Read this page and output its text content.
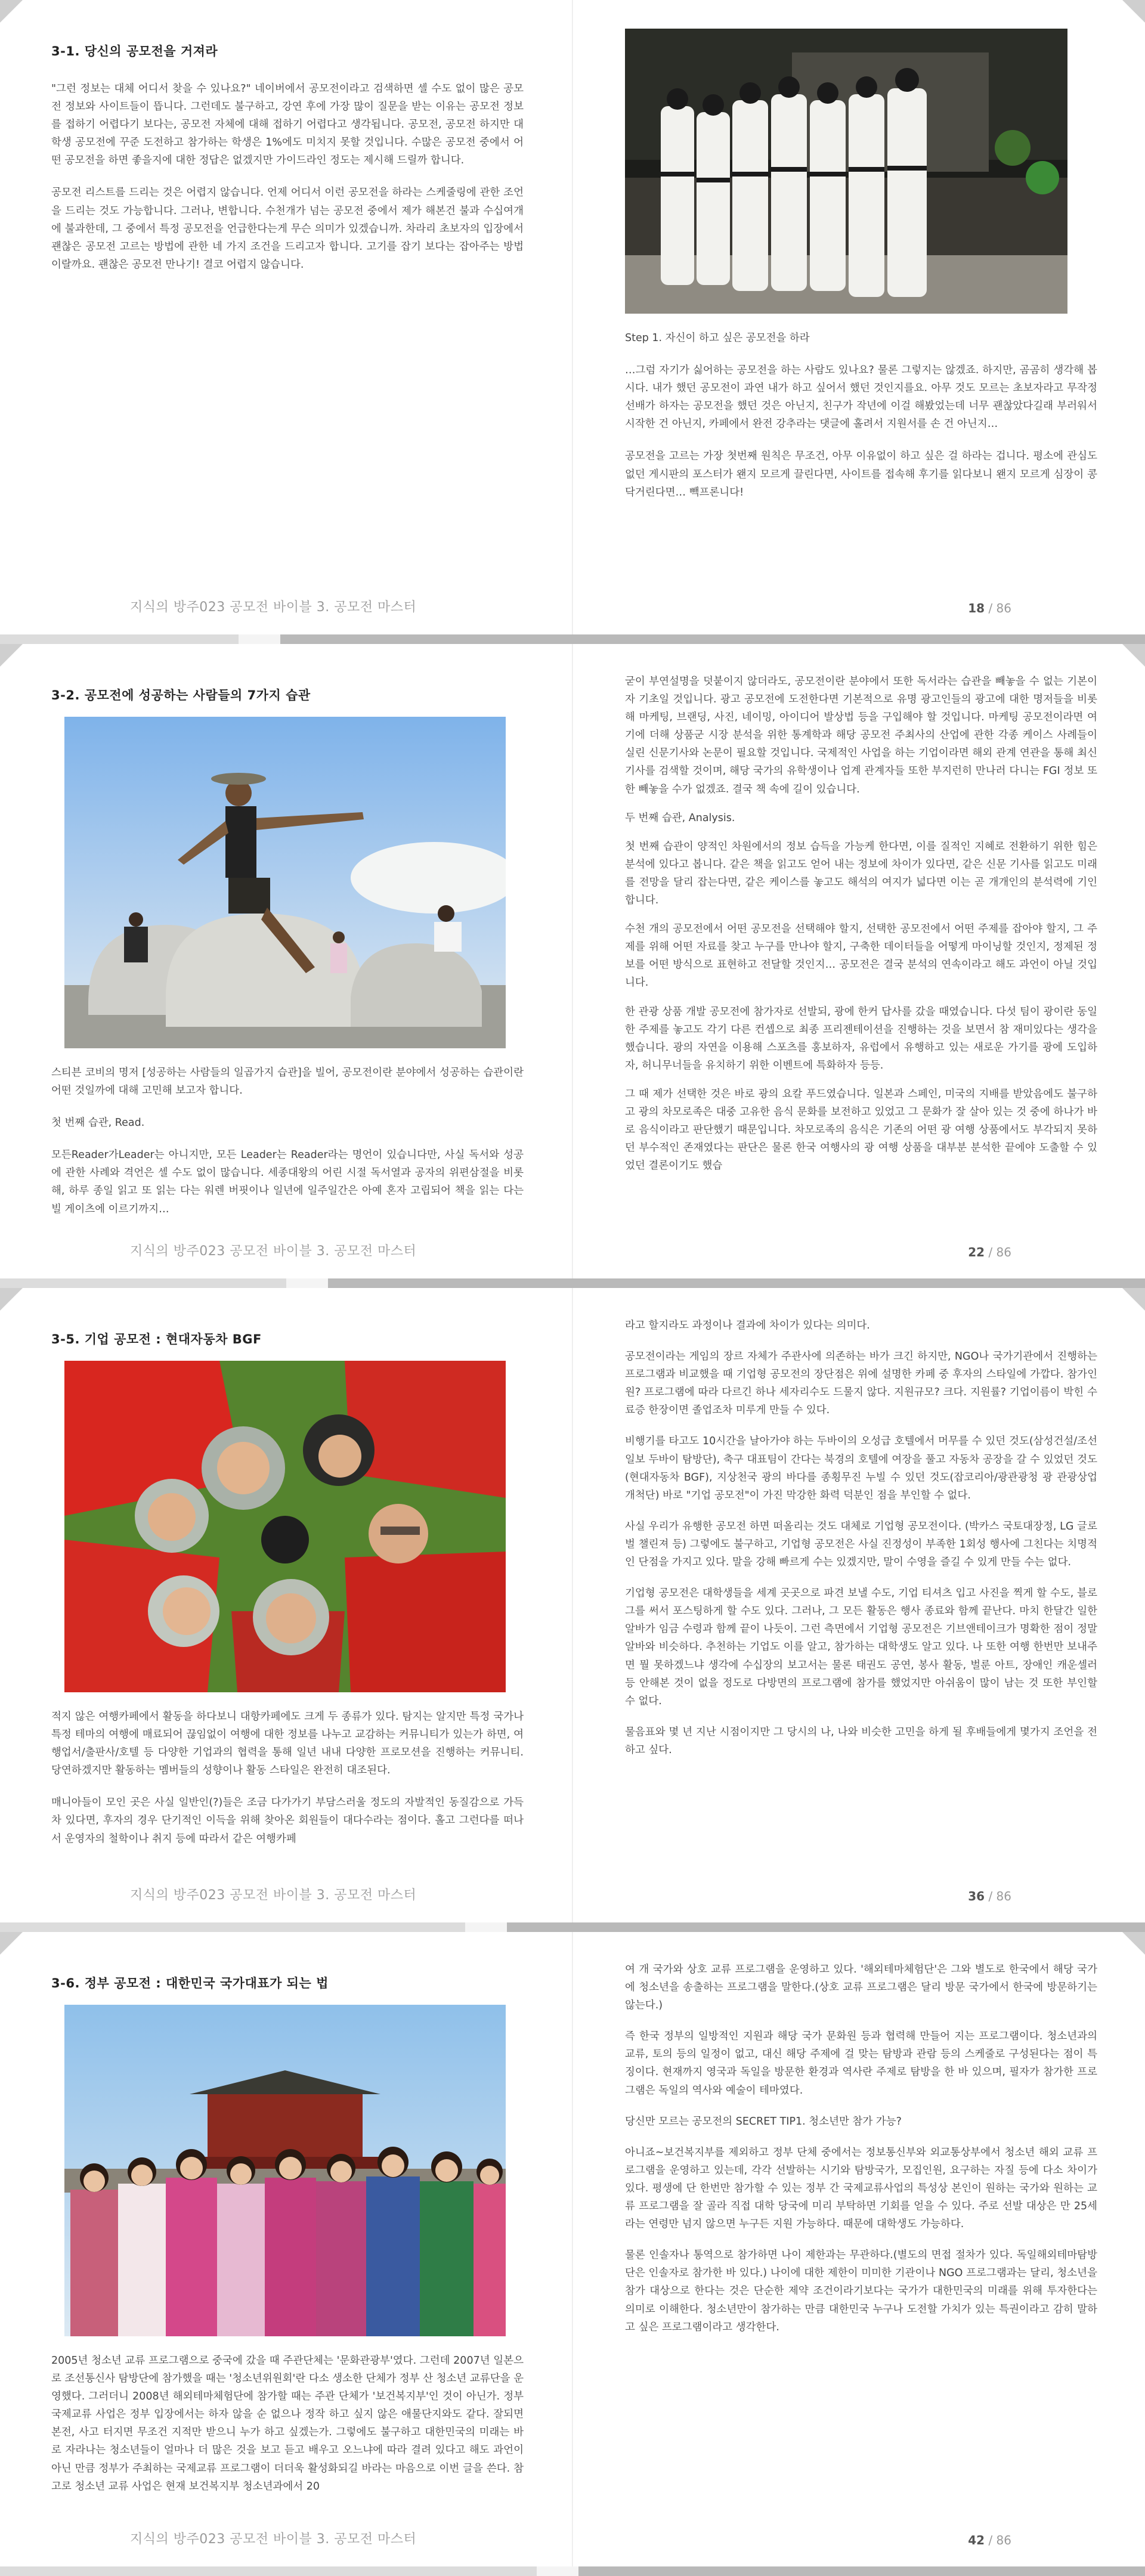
3-1. 당신의 공모전을 거져라

"그런 정보는 대체 어디서 찾을 수 있나요?" 네이버에서 공모전이라고 검색하면 셀 수도 없이 많은 공모전 정보와 사이트들이 뜹니다. 그런데도 불구하고, 강연 후에 가장 많이 질문을 받는 이유는 공모전 정보를 접하기 어렵다기 보다는, 공모전 자체에 대해 접하기 어렵다고 생각됩니다. 공모전, 공모전 하지만 대학생 공모전에 꾸준 도전하고 참가하는 학생은 1%에도 미치지 못할 것입니다. 수많은 공모전 중에서 어떤 공모전을 하면 좋을지에 대한 정답은 없겠지만 가이드라인 정도는 제시해 드릴까 합니다.

공모전 리스트를 드리는 것은 어렵지 않습니다. 언제 어디서 이런 공모전을 하라는 스케줄링에 관한 조언을 드리는 것도 가능합니다. 그러나, 변합니다. 수천개가 넘는 공모전 중에서 제가 해본건 불과 수십여개에 불과한데, 그 중에서 특정 공모전을 언급한다는게 무슨 의미가 있겠습니까. 차라리 초보자의 입장에서 괜찮은 공모전 고르는 방법에 관한 네 가지 조건을 드리고자 합니다. 고기를 잡기 보다는 잡아주는 방법이랄까요. 괜찮은 공모전 만나기! 결코 어렵지 않습니다.

지식의 방주023 공모전 바이블 3. 공모전 마스터

Step 1. 자신이 하고 싶은 공모전을 하라

…그럼 자기가 싫어하는 공모전을 하는 사람도 있나요? 물론 그렇지는 않겠죠. 하지만, 곰곰히 생각해 봅시다. 내가 했던 공모전이 과연 내가 하고 싶어서 했던 것인지를요. 아무 것도 모르는 초보자라고 무작정 선배가 하자는 공모전을 했던 것은 아닌지, 친구가 작년에 이걸 해봤었는데 너무 괜찮았다길래 부러워서 시작한 건 아닌지, 카페에서 완전 강추라는 댓글에 홀려서 지원서를 손 건 아닌지…

공모전을 고르는 가장 첫번째 원칙은 무조건, 아무 이유없이 하고 싶은 걸 하라는 겁니다. 평소에 관심도 없던 게시판의 포스터가 왠지 모르게 끌린다면, 사이트를 접속해 후기를 읽다보니 왠지 모르게 심장이 콩닥거린다면… 빽프론니다!

18 / 86
3-2. 공모전에 성공하는 사람들의 7가지 습관

스티븐 코비의 명저 [성공하는 사람들의 일곱가지 습관]을 빌어, 공모전이란 분야에서 성공하는 습관이란 어떤 것일까에 대해 고민해 보고자 합니다.

첫 번째 습관, Read.

모든Reader가Leader는 아니지만, 모든 Leader는 Reader라는 명언이 있습니다만, 사실 독서와 성공에 관한 사례와 격언은 셀 수도 없이 많습니다. 세종대왕의 어린 시절 독서열과 공자의 위편삼절을 비롯해, 하루 종일 읽고 또 읽는 다는 워렌 버핏이나 일년에 일주일간은 아예 혼자 고립되어 책을 읽는 다는 빌 게이츠에 이르기까지…

지식의 방주023 공모전 바이블 3. 공모전 마스터

굳이 부연설명을 덧붙이지 않더라도, 공모전이란 분야에서 또한 독서라는 습관을 빼놓을 수 없는 기본이자 기초일 것입니다. 광고 공모전에 도전한다면 기본적으로 유명 광고인들의 광고에 대한 명저들을 비롯해 마케팅, 브랜딩, 사진, 네이밍, 아이디어 발상법 등을 구입해야 할 것입니다. 마케팅 공모전이라면 여기에 더해 상품군 시장 분석을 위한 통계학과 해당 공모전 주최사의 산업에 관한 각종 케이스 사례들이 실린 신문기사와 논문이 필요할 것입니다. 국제적인 사업을 하는 기업이라면 해외 관계 연관을 통해 최신 기사를 검색할 것이며, 해당 국가의 유학생이나 업계 관계자들 또한 부지런히 만나러 다니는 FGI 정보 또한 빼놓을 수가 없겠죠. 결국 책 속에 길이 있습니다.

두 번째 습관, Analysis.

첫 번째 습관이 양적인 차원에서의 정보 습득을 가능케 한다면, 이를 질적인 지혜로 전환하기 위한 힘은 분석에 있다고 봅니다. 같은 책을 읽고도 얻어 내는 정보에 차이가 있다면, 같은 신문 기사를 읽고도 미래를 전망을 달리 잡는다면, 같은 케이스를 놓고도 해석의 여지가 넓다면 이는 곧 개개인의 분석력에 기인합니다.

수천 개의 공모전에서 어떤 공모전을 선택해야 할지, 선택한 공모전에서 어떤 주제를 잡아야 할지, 그 주제를 위해 어떤 자료를 찾고 누구를 만나야 할지, 구축한 데이터들을 어떻게 마이닝할 것인지, 정제된 정보를 어떤 방식으로 표현하고 전달할 것인지… 공모전은 결국 분석의 연속이라고 해도 과언이 아닐 것입니다.

한 관광 상품 개발 공모전에 참가자로 선발되, 광에 한커 답사를 갔을 때였습니다. 다섯 팀이 광이란 동일한 주제를 놓고도 각기 다른 컨셉으로 최종 프리젠테이션을 진행하는 것을 보면서 참 재미있다는 생각을 했습니다. 광의 자연을 이용해 스포츠를 홍보하자, 유럽에서 유행하고 있는 새로운 가기를 광에 도입하자, 허니무너들을 유치하기 위한 이벤트에 특화하자 등등.

그 때 제가 선택한 것은 바로 광의 요칼 푸드였습니다. 일본과 스페인, 미국의 지배를 받았음에도 불구하고 광의 차모로족은 대중 고유한 음식 문화를 보전하고 있었고 그 문화가 잘 살아 있는 것 중에 하나가 바로 음식이라고 판단했기 때문입니다. 차모로족의 음식은 기존의 어떤 광 여행 상품에서도 부각되지 못하던 부수적인 존재였다는 판단은 물론 한국 여행사의 광 여행 상품을 대부분 분석한 끝에야 도출할 수 있었던 결론이기도 했습

22 / 86
3-5. 기업 공모전 : 현대자동차 BGF

적지 않은 여행카페에서 활동을 하다보니 대항카페에도 크게 두 종류가 있다. 탐지는 알지만 특정 국가나 특정 테마의 여행에 매료되어 끊임없이 여행에 대한 정보를 나누고 교감하는 커뮤니티가 있는가 하면, 여행업서/출판사/호텔 등 다양한 기업과의 협력을 통해 일년 내내 다양한 프로모션을 진행하는 커뮤니티. 당연하겠지만 활동하는 멤버들의 성향이나 활동 스타일은 완전히 대조된다.

매니아들이 모인 곳은 사실 일반인(?)들은 조금 다가가기 부담스러울 정도의 자발적인 동질감으로 가득차 있다면, 후자의 경우 단기적인 이득을 위해 찾아온 회원들이 대다수라는 점이다. 홀고 그런다를 떠나서 운영자의 철학이나 취지 등에 따라서 같은 여행카페

지식의 방주023 공모전 바이블 3. 공모전 마스터

라고 할지라도 과정이나 결과에 차이가 있다는 의미다.

공모전이라는 게임의 장르 자체가 주관사에 의존하는 바가 크긴 하지만, NGO나 국가기관에서 진행하는 프로그램과 비교했을 때 기업형 공모전의 장단점은 위에 설명한 카페 중 후자의 스타일에 가깝다. 참가인원? 프로그램에 따라 다르긴 하나 세자리수도 드물지 않다. 지원규모? 크다. 지원률? 기업이름이 박힌 수료증 한장이면 졸업조차 미루게 만들 수 있다.

비행기를 타고도 10시간을 날아가야 하는 두바이의 오성급 호텔에서 머무를 수 있던 것도(삼성건설/조선일보 두바이 탐방단), 축구 대표팀이 간다는 북경의 호텔에 여장을 풀고 자동차 공장을 갈 수 있었던 것도(현대자동차 BGF), 지상천국 광의 바다를 종횡무진 누빌 수 있던 것도(잡코리아/광관광청 광 관광상업 개척단) 바로 "기업 공모전"이 가진 막강한 화력 덕분인 점을 부인할 수 없다.

사실 우리가 유행한 공모전 하면 떠올리는 것도 대체로 기업형 공모전이다. (박카스 국토대장정, LG 글로벌 챌린져 등) 그렇에도 불구하고, 기업형 공모전은 사실 진정성이 부족한 1회성 행사에 그친다는 치명적인 단점을 가지고 있다. 말을 강해 빠르게 수는 있겠지만, 말이 수영을 즐길 수 있게 만들 수는 없다.

기업형 공모전은 대학생들을 세계 곳곳으로 파견 보낼 수도, 기업 티셔츠 입고 사진을 찍게 할 수도, 블로그를 써서 포스팅하게 할 수도 있다. 그러나, 그 모든 활동은 행사 종료와 함께 끝난다. 마치 한달간 일한 알바가 임금 수령과 함께 끝이 나듯이. 그런 측면에서 기업형 공모전은 기브앤테이크가 명확한 점이 정말 알바와 비슷하다. 추천하는 기업도 이를 알고, 참가하는 대학생도 알고 있다. 나 또한 여행 한번만 보내주면 뭘 못하겠느냐 생각에 수십장의 보고서는 물론 태권도 공연, 봉사 활동, 벌룬 아트, 장애인 캐운셀러 등 안해본 것이 없을 정도로 다방면의 프로그램에 참가를 했었지만 아쉬움이 많이 남는 것 또한 부인할 수 없다.

물음표와 몇 년 지난 시점이지만 그 당시의 나, 나와 비슷한 고민을 하게 될 후배들에게 몇가지 조언을 전하고 싶다.

36 / 86
3-6. 정부 공모전 : 대한민국 국가대표가 되는 법

2005년 청소년 교류 프로그램으로 중국에 갔을 때 주관단체는 '문화관광부'였다. 그런데 2007년 일본으로 조선통신사 탐방단에 참가했을 때는 '청소년위원회'란 다소 생소한 단체가 정부 산 청소년 교류단을 운영했다. 그러더니 2008년 해외테마체험단에 참가할 때는 주관 단체가 '보건복지부'인 것이 아닌가. 정부 국제교류 사업은 정부 입장에서는 하자 않을 순 없으나 정작 하고 싶지 않은 애물단지와도 같다. 잘되면 본전, 사고 터지면 무조건 지적만 받으니 누가 하고 싶겠는가. 그렇에도 불구하고 대한민국의 미래는 바로 자라나는 청소년들이 얼마나 더 많은 것을 보고 듣고 배우고 오느냐에 따라 결려 있다고 해도 과언이 아닌 만큼 정부가 주최하는 국제교류 프로그램이 더더욱 활성화되길 바라는 마음으로 이번 글을 쓴다. 참고로 청소년 교류 사업은 현재 보건복지부 청소년과에서 20

지식의 방주023 공모전 바이블 3. 공모전 마스터

여 개 국가와 상호 교류 프로그램을 운영하고 있다. '해외테마체험단'은 그와 별도로 한국에서 해당 국가에 청소년을 송출하는 프로그램을 말한다.(상호 교류 프로그램은 달리 방문 국가에서 한국에 방문하기는 않는다.)

즉 한국 정부의 일방적인 지원과 해당 국가 문화원 등과 협력해 만들어 지는 프로그램이다. 청소년과의 교류, 토의 등의 일정이 없고, 대신 해당 주제에 걸 맞는 탐방과 관람 등의 스케줄로 구성된다는 점이 특징이다. 현재까지 영국과 독일을 방문한 환경과 역사란 주제로 탐방을 한 바 있으며, 필자가 참가한 프로그램은 독일의 역사와 예술이 테마였다.

당신만 모르는 공모전의 SECRET TIP1. 청소년만 참가 가능?

아니죠~보건복지부를 제외하고 정부 단체 중에서는 정보통신부와 외교통상부에서 청소년 해외 교류 프로그램을 운영하고 있는데, 각각 선발하는 시기와 탐방국가, 모집인원, 요구하는 자질 등에 다소 차이가 있다. 평생에 단 한번만 참가할 수 있는 정부 간 국제교류사업의 특성상 본인이 원하는 국가와 원하는 교류 프로그램을 잘 골라 직접 대학 당국에 미리 부탁하면 기회를 얻을 수 있다. 주로 선발 대상은 만 25세라는 연령만 넘지 않으면 누구든 지원 가능하다. 때문에 대학생도 가능하다.

물론 인솔자나 통역으로 참가하면 나이 제한과는 무관하다.(별도의 면접 절차가 있다. 독일해외테마탐방단은 인솔자로 참가한 바 있다.) 나이에 대한 제한이 미미한 기관이나 NGO 프로그램과는 달리, 청소년을 참가 대상으로 한다는 것은 단순한 제약 조건이라기보다는 국가가 대한민국의 미래를 위해 투자한다는 의미로 이해한다. 청소년만이 참가하는 만큼 대한민국 누구나 도전할 가치가 있는 특권이라고 감히 말하고 싶은 프로그램이라고 생각한다.

42 / 86
